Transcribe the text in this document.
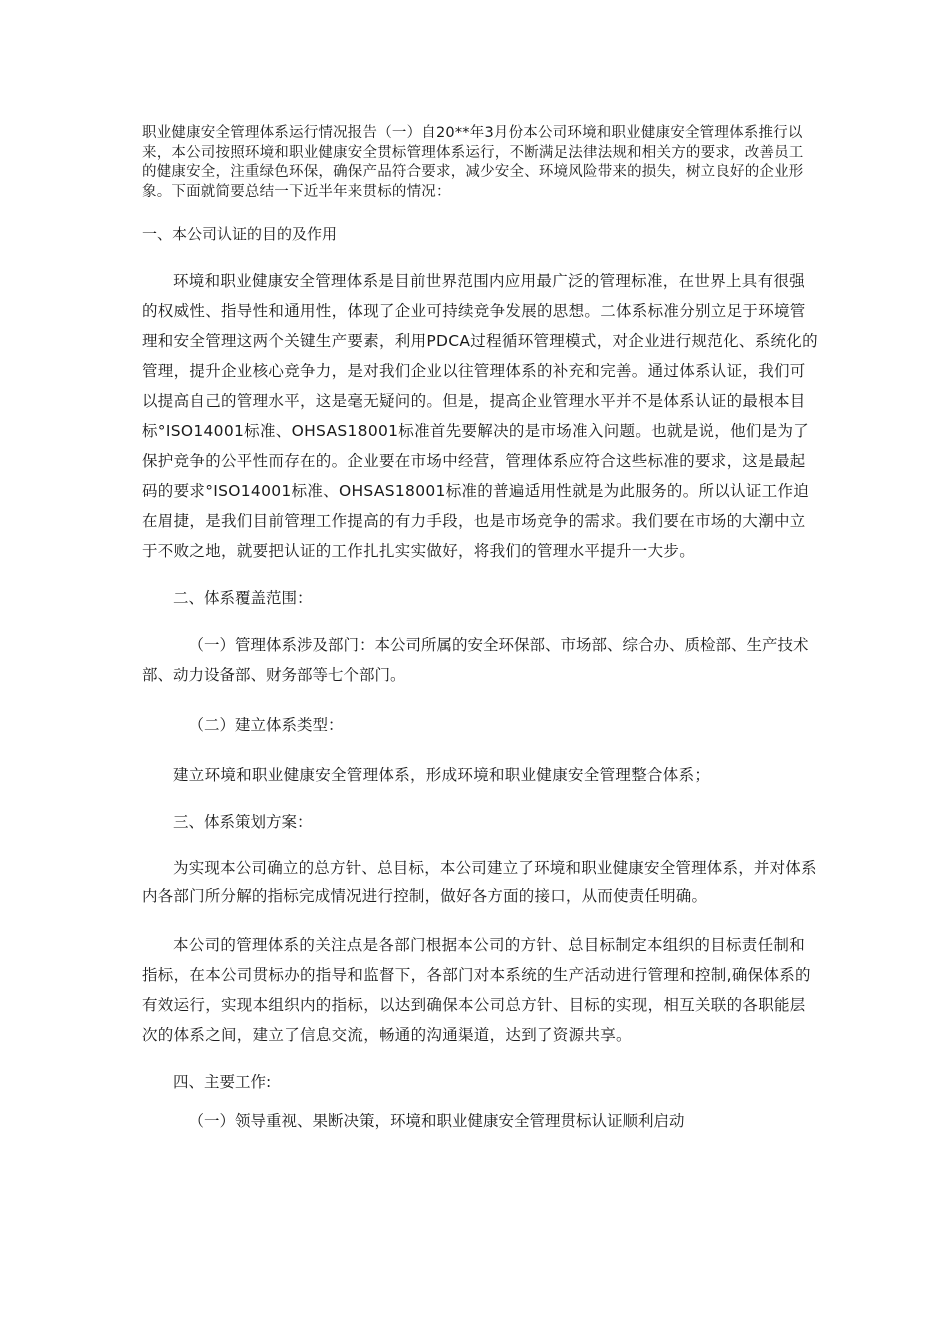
职业健康安全管理体系运行情况报告（一）自20**年3月份本公司环境和职业健康安全管理体系推行以来，本公司按照环境和职业健康安全贯标管理体系运行，不断满足法律法规和相关方的要求，改善员工的健康安全，注重绿色环保，确保产品符合要求，减少安全、环境风险带来的损失，树立良好的企业形象。下面就简要总结一下近半年来贯标的情况：

一、本公司认证的目的及作用

环境和职业健康安全管理体系是目前世界范围内应用最广泛的管理标准，在世界上具有很强的权威性、指导性和通用性，体现了企业可持续竞争发展的思想。二体系标准分别立足于环境管理和安全管理这两个关键生产要素，利用PDCA过程循环管理模式，对企业进行规范化、系统化的管理，提升企业核心竞争力，是对我们企业以往管理体系的补充和完善。通过体系认证，我们可以提高自己的管理水平，这是毫无疑问的。但是，提高企业管理水平并不是体系认证的最根本目标°ISO14001标准、OHSAS18001标准首先要解决的是市场准入问题。也就是说，他们是为了保护竞争的公平性而存在的。企业要在市场中经营，管理体系应符合这些标准的要求，这是最起码的要求°ISO14001标准、OHSAS18001标准的普遍适用性就是为此服务的。所以认证工作迫在眉捷，是我们目前管理工作提高的有力手段，也是市场竞争的需求。我们要在市场的大潮中立于不败之地，就要把认证的工作扎扎实实做好，将我们的管理水平提升一大步。

二、体系覆盖范围：

（一）管理体系涉及部门：本公司所属的安全环保部、市场部、综合办、质检部、生产技术部、动力设备部、财务部等七个部门。

（二）建立体系类型：

建立环境和职业健康安全管理体系，形成环境和职业健康安全管理整合体系；

三、体系策划方案：

为实现本公司确立的总方针、总目标，本公司建立了环境和职业健康安全管理体系，并对体系内各部门所分解的指标完成情况进行控制，做好各方面的接口，从而使责任明确。

本公司的管理体系的关注点是各部门根据本公司的方针、总目标制定本组织的目标责任制和指标，在本公司贯标办的指导和监督下，各部门对本系统的生产活动进行管理和控制,确保体系的有效运行，实现本组织内的指标，以达到确保本公司总方针、目标的实现，相互关联的各职能层次的体系之间，建立了信息交流，畅通的沟通渠道，达到了资源共享。

四、主要工作:

（一）领导重视、果断决策，环境和职业健康安全管理贯标认证顺利启动
